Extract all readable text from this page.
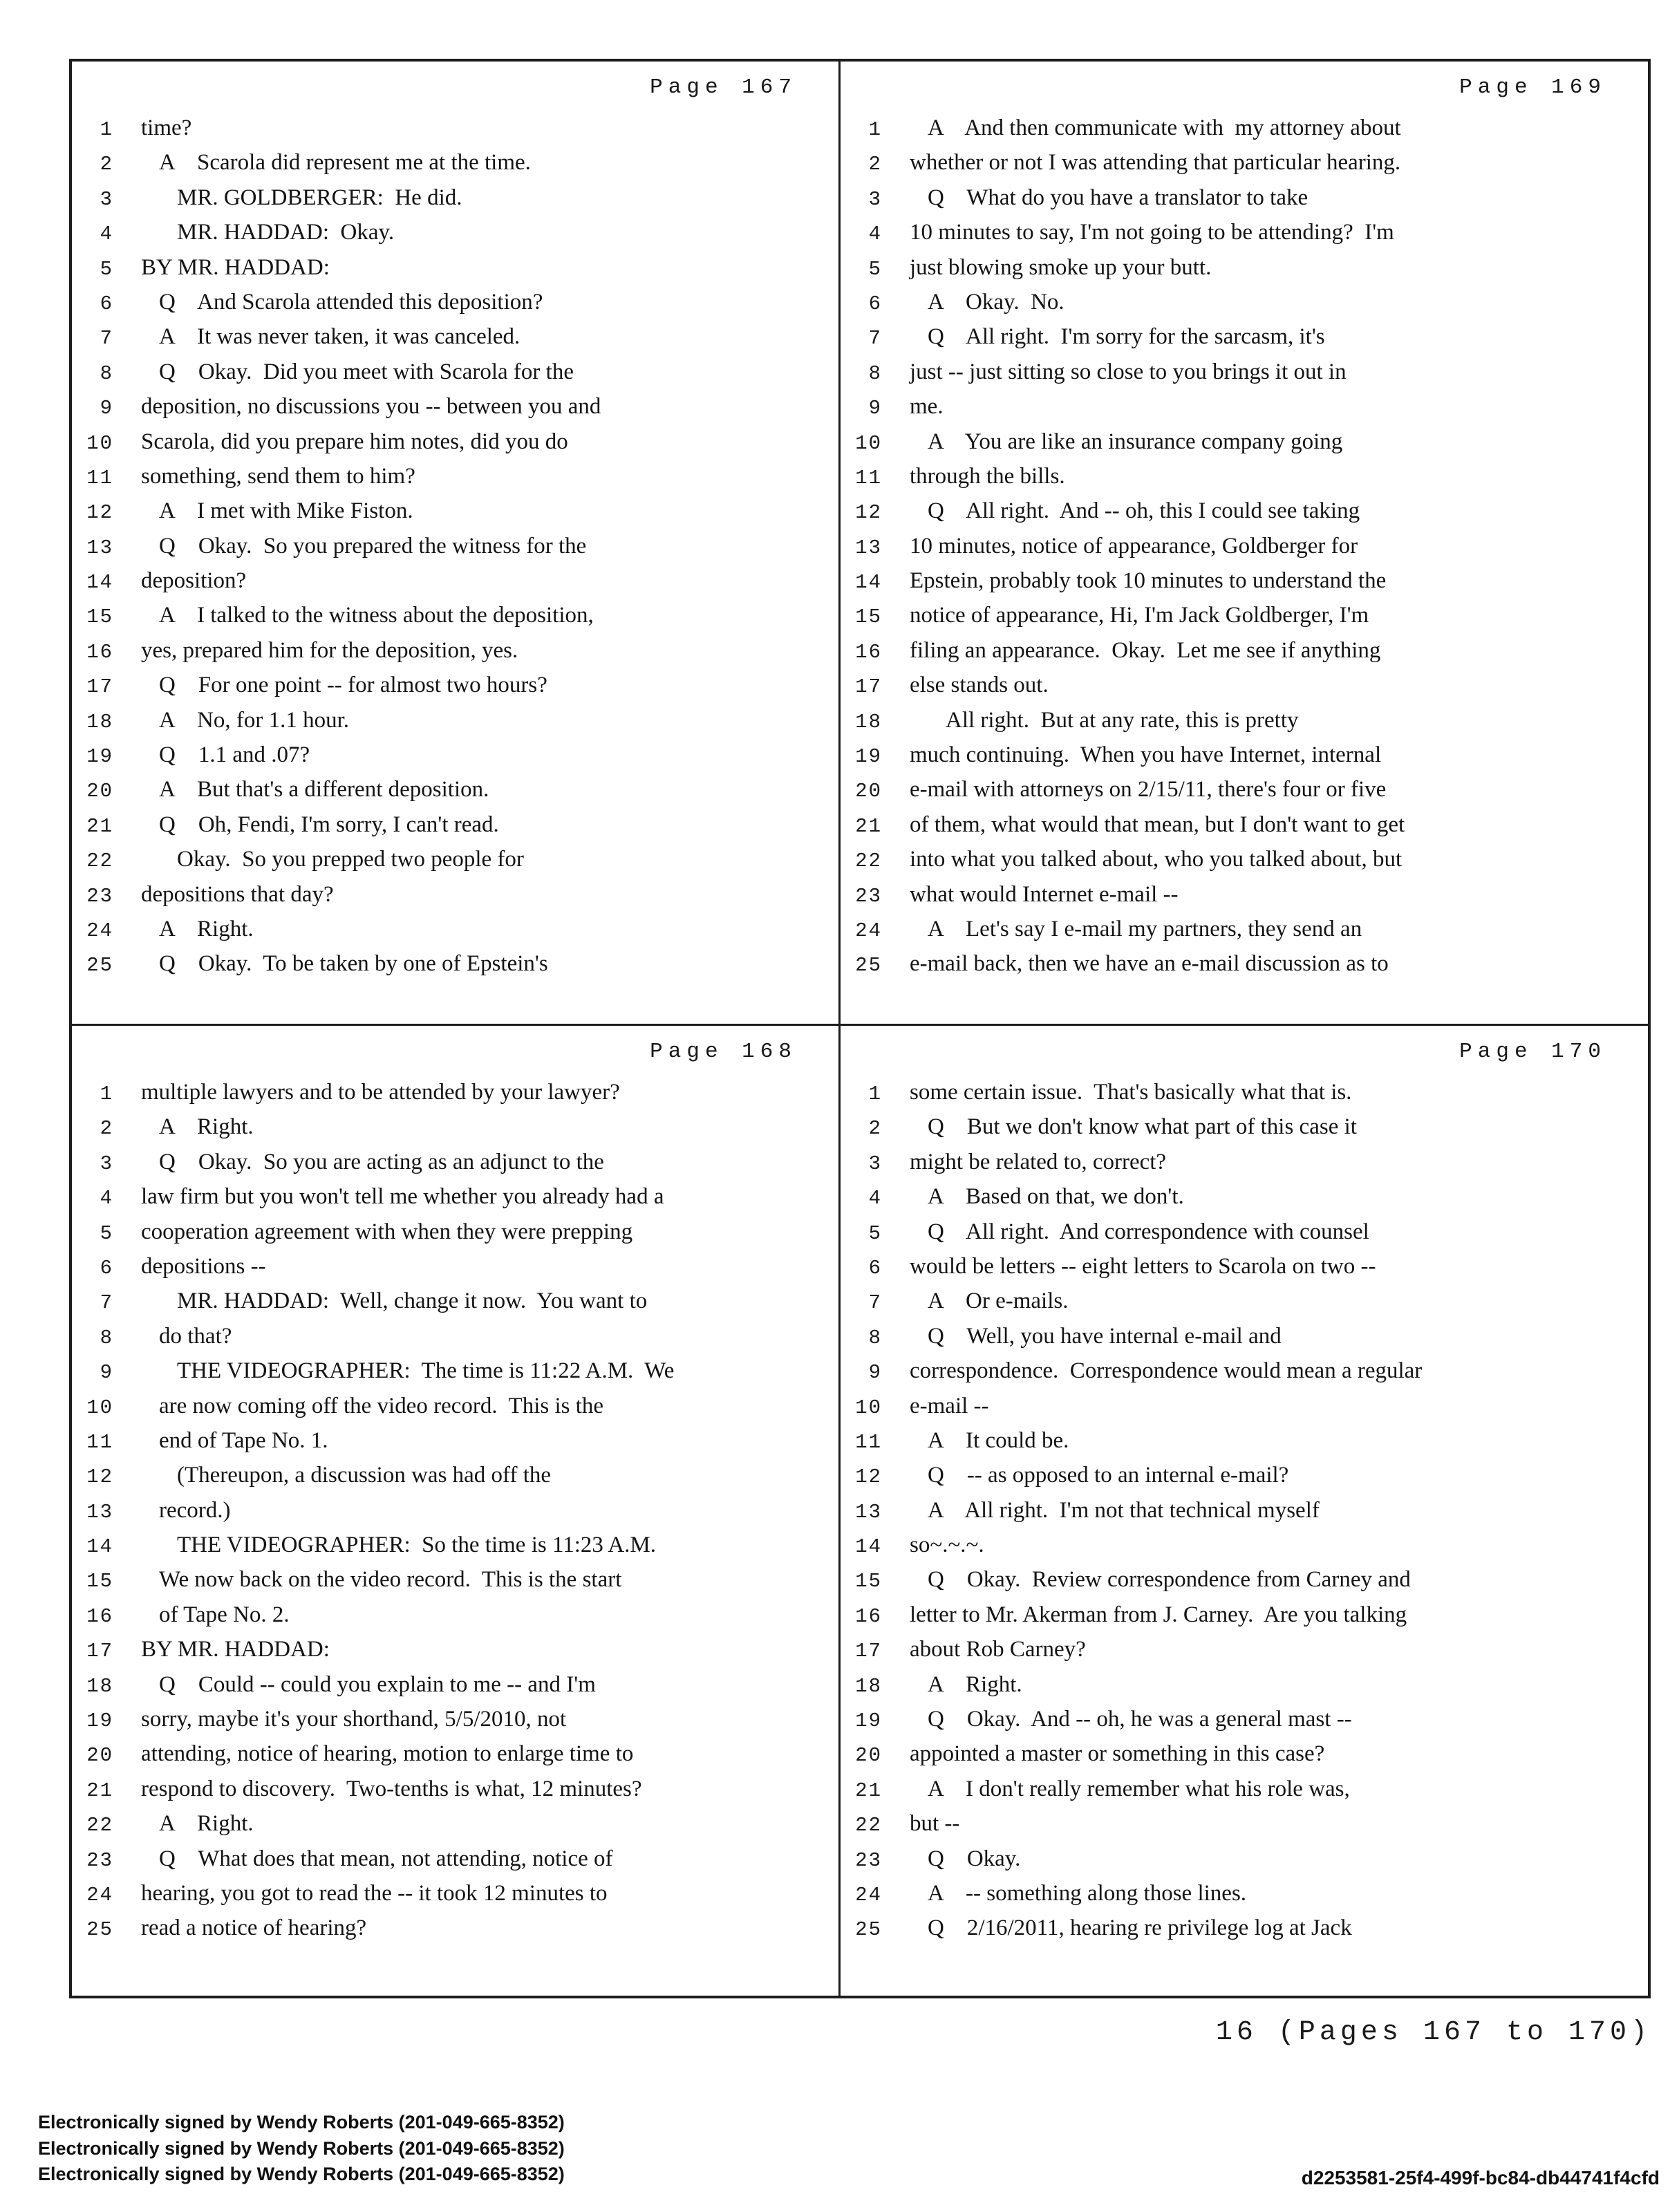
Page 167
1 time?
2	A    Scarola did represent me at the time.
3	MR. GOLDBERGER:  He did.
4	MR. HADDAD:  Okay.
5 BY MR. HADDAD:
6	Q    And Scarola attended this deposition?
7	A    It was never taken, it was canceled.
8	Q    Okay.  Did you meet with Scarola for the
9 deposition, no discussions you -- between you and
10 Scarola, did you prepare him notes, did you do
11 something, send them to him?
12	A    I met with Mike Fiston.
13	Q    Okay.  So you prepared the witness for the
14 deposition?
15	A    I talked to the witness about the deposition,
16 yes, prepared him for the deposition, yes.
17	Q    For one point -- for almost two hours?
18	A    No, for 1.1 hour.
19	Q    1.1 and .07?
20	A    But that's a different deposition.
21	Q    Oh, Fendi, I'm sorry, I can't read.
22	Okay.  So you prepped two people for
23 depositions that day?
24	A    Right.
25	Q    Okay.  To be taken by one of Epstein's
Page 169
1	A    And then communicate with  my attorney about
2 whether or not I was attending that particular hearing.
3	Q    What do you have a translator to take
4 10 minutes to say, I'm not going to be attending?  I'm
5 just blowing smoke up your butt.
6	A    Okay.  No.
7	Q    All right.  I'm sorry for the sarcasm, it's
8 just -- just sitting so close to you brings it out in
9 me.
10	A    You are like an insurance company going
11 through the bills.
12	Q    All right.  And -- oh, this I could see taking
13 10 minutes, notice of appearance, Goldberger for
14 Epstein, probably took 10 minutes to understand the
15 notice of appearance, Hi, I'm Jack Goldberger, I'm
16 filing an appearance.  Okay.  Let me see if anything
17 else stands out.
18	All right.  But at any rate, this is pretty
19 much continuing.  When you have Internet, internal
20 e-mail with attorneys on 2/15/11, there's four or five
21 of them, what would that mean, but I don't want to get
22 into what you talked about, who you talked about, but
23 what would Internet e-mail --
24	A    Let's say I e-mail my partners, they send an
25 e-mail back, then we have an e-mail discussion as to
Page 168
1 multiple lawyers and to be attended by your lawyer?
2	A    Right.
3	Q    Okay.  So you are acting as an adjunct to the
4 law firm but you won't tell me whether you already had a
5 cooperation agreement with when they were prepping
6 depositions --
7	MR. HADDAD:  Well, change it now.  You want to
8	do that?
9	THE VIDEOGRAPHER:  The time is 11:22 A.M.  We
10	are now coming off the video record.  This is the
11	end of Tape No. 1.
12	(Thereupon, a discussion was had off the
13	record.)
14	THE VIDEOGRAPHER:  So the time is 11:23 A.M.
15	We now back on the video record.  This is the start
16	of Tape No. 2.
17 BY MR. HADDAD:
18	Q    Could -- could you explain to me -- and I'm
19 sorry, maybe it's your shorthand, 5/5/2010, not
20 attending, notice of hearing, motion to enlarge time to
21 respond to discovery.  Two-tenths is what, 12 minutes?
22	A    Right.
23	Q    What does that mean, not attending, notice of
24 hearing, you got to read the -- it took 12 minutes to
25 read a notice of hearing?
Page 170
1 some certain issue.  That's basically what that is.
2	Q    But we don't know what part of this case it
3 might be related to, correct?
4	A    Based on that, we don't.
5	Q    All right.  And correspondence with counsel
6 would be letters -- eight letters to Scarola on two --
7	A    Or e-mails.
8	Q    Well, you have internal e-mail and
9 correspondence.  Correspondence would mean a regular
10 e-mail --
11	A    It could be.
12	Q    -- as opposed to an internal e-mail?
13	A    All right.  I'm not that technical myself
14 so~.~.~.
15	Q    Okay.  Review correspondence from Carney and
16 letter to Mr. Akerman from J. Carney.  Are you talking
17 about Rob Carney?
18	A    Right.
19	Q    Okay.  And -- oh, he was a general mast --
20 appointed a master or something in this case?
21	A    I don't really remember what his role was,
22 but --
23	Q    Okay.
24	A    -- something along those lines.
25	Q    2/16/2011, hearing re privilege log at Jack
16 (Pages 167 to 170)
Electronically signed by Wendy Roberts (201-049-665-8352)
Electronically signed by Wendy Roberts (201-049-665-8352)
Electronically signed by Wendy Roberts (201-049-665-8352)	d2253581-25f4-499f-bc84-db44741f4cfd
